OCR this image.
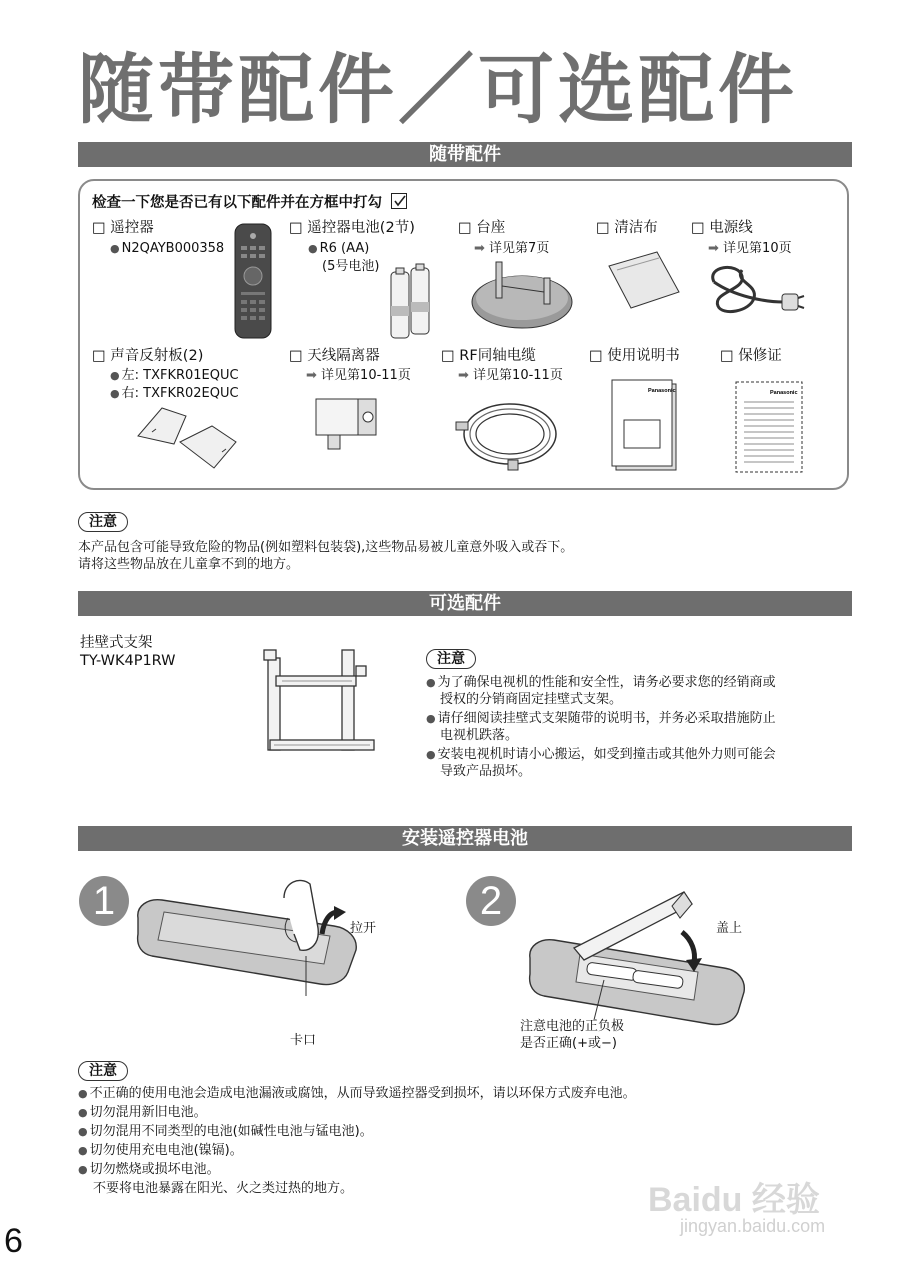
随带配件／可选配件
随带配件
检查一下您是否已有以下配件并在方框中打勾
□ 遥控器
● N2QAYB000358
□ 遥控器电池(2节)
● R6 (AA)
(5号电池)
□ 台座
➡ 详见第7页
□ 清洁布 □ 电源线
➡ 详见第10页
□ 声音反射板(2)
● 左: TXFKR01EQUC
● 右: TXFKR02EQUC
□ 天线隔离器
➡ 详见第10-11页
□ RF同轴电缆
➡ 详见第10-11页
□ 使用说明书	□ 保修证
Panasonic	Panasonic
注意
本产品包含可能导致危险的物品(例如塑料包装袋),这些物品易被儿童意外吸入或吞下。
请将这些物品放在儿童拿不到的地方。
可选配件
挂壁式支架
TY-WK4P1RW	注意
● 为了确保电视机的性能和安全性，请务必要求您的经销商或
授权的分销商固定挂壁式支架。
● 请仔细阅读挂壁式支架随带的说明书，并务必采取措施防止
电视机跌落。
● 安装电视机时请小心搬运，如受到撞击或其他外力则可能会
导致产品损坏。
安装遥控器电池
1
拉开
卡口
2
盖上
注意电池的正负极
是否正确(+或−)
注意
● 不正确的使用电池会造成电池漏液或腐蚀，从而导致遥控器受到损坏，请以环保方式废弃电池。
● 切勿混用新旧电池。
● 切勿混用不同类型的电池(如碱性电池与锰电池)。
● 切勿使用充电电池(镍镉)。
● 切勿燃烧或损坏电池。
不要将电池暴露在阳光、火之类过热的地方。	Baidu 经验
jingyan.baidu.com
6
